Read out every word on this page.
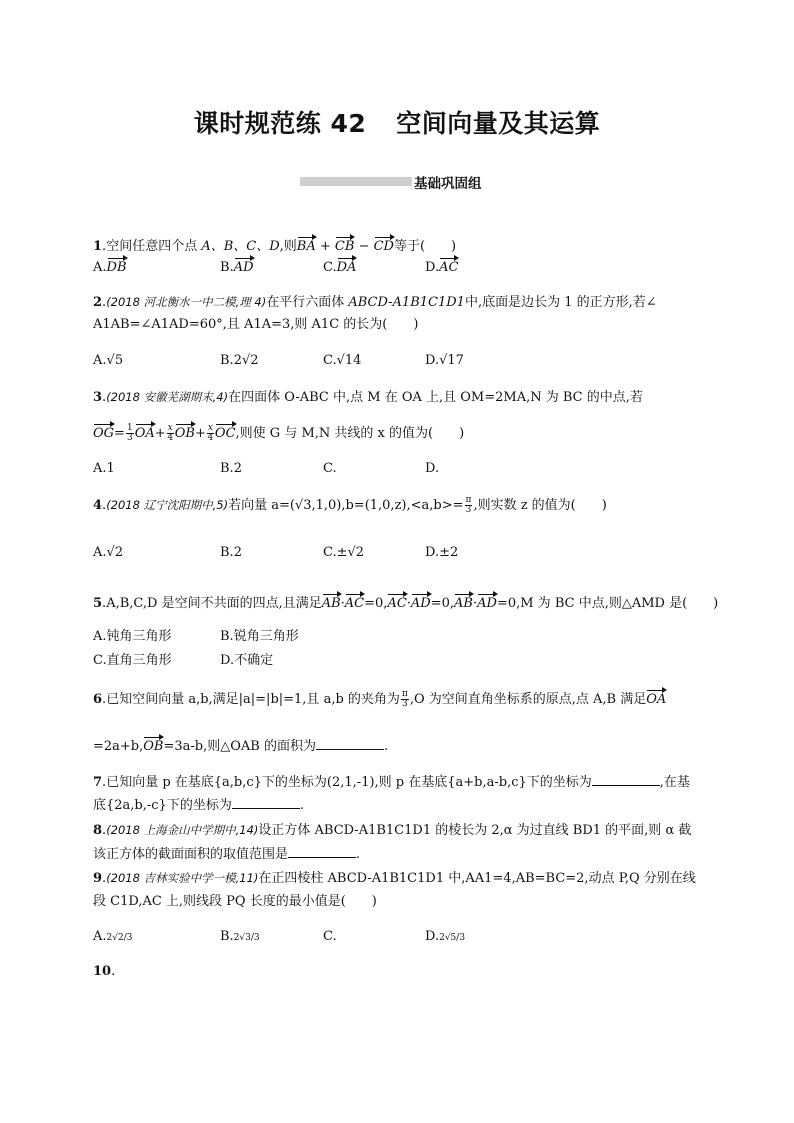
课时规范练 42 空间向量及其运算
基础巩固组
1.空间任意四个点 A、B、C、D,则BA + CB − CD等于(　　)
A.DB	B.AD	C.DA	D.AC
2.(2018 河北衡水一中二模,理 4)在平行六面体 ABCD-A1B1C1D1中,底面是边长为 1 的正方形,若∠
A1AB=∠A1AD=60°,且 A1A=3,则 A1C 的长为(　　)
A.√5	B.2√2	C.√14	D.√17
3.(2018 安徽芜湖期末,4)在四面体 O-ABC 中,点 M 在 OA 上,且 OM=2MA,N 为 BC 的中点,若
$OG= \frac{1}{3} OA+ \frac{x}{4} OB+ \frac{x}{4}$ OC,则使 G 与 M,N 共线的 x 的值为(　　)
A.1	B.2	C.	D.
4.(2018 辽宁沈阳期中,5)若向量 $a=(√3,1,0),b=(1,0,z),<a,b>= \frac{\pi}{3}$ ,则实数 z 的值为(　　)
A.√2	B.2	C.±√2	D.±2
5.A,B,C,D 是空间不共面的四点,且满足AB·AC=0,AC·AD=0,AB·AD=0,M 为 BC 中点,则△AMD 是(　　)
A.钝角三角形	B.锐角三角形
C.直角三角形	D.不确定
6.已知空间向量 a,b,满足|a|=|b|=1,且 a,b 的夹角为 $\frac{\pi}{3} ,O$ 为空间直角坐标系的原点,点 A,B 满足OA
=2a+b,OB=3a-b,则△OAB 的面积为	.
7.已知向量 p 在基底{a,b,c}下的坐标为(2,1,-1),则 p 在基底{a+b,a-b,c}下的坐标为	,在基
底{2a,b,-c}下的坐标为	.
8.(2018 上海金山中学期中,14)设正方体 ABCD-A1B1C1D1 的棱长为 2,α 为过直线 BD1 的平面,则 α 截
该正方体的截面面积的取值范围是	.
9.(2018 吉林实验中学一模,11)在正四棱柱 ABCD-A1B1C1D1 中,AA1=4,AB=BC=2,动点 P,Q 分别在线
段 C1D,AC 上,则线段 PQ 长度的最小值是(　　)
A.2√2/3	B.2√3/3	C.	D.2√5/3
10.
